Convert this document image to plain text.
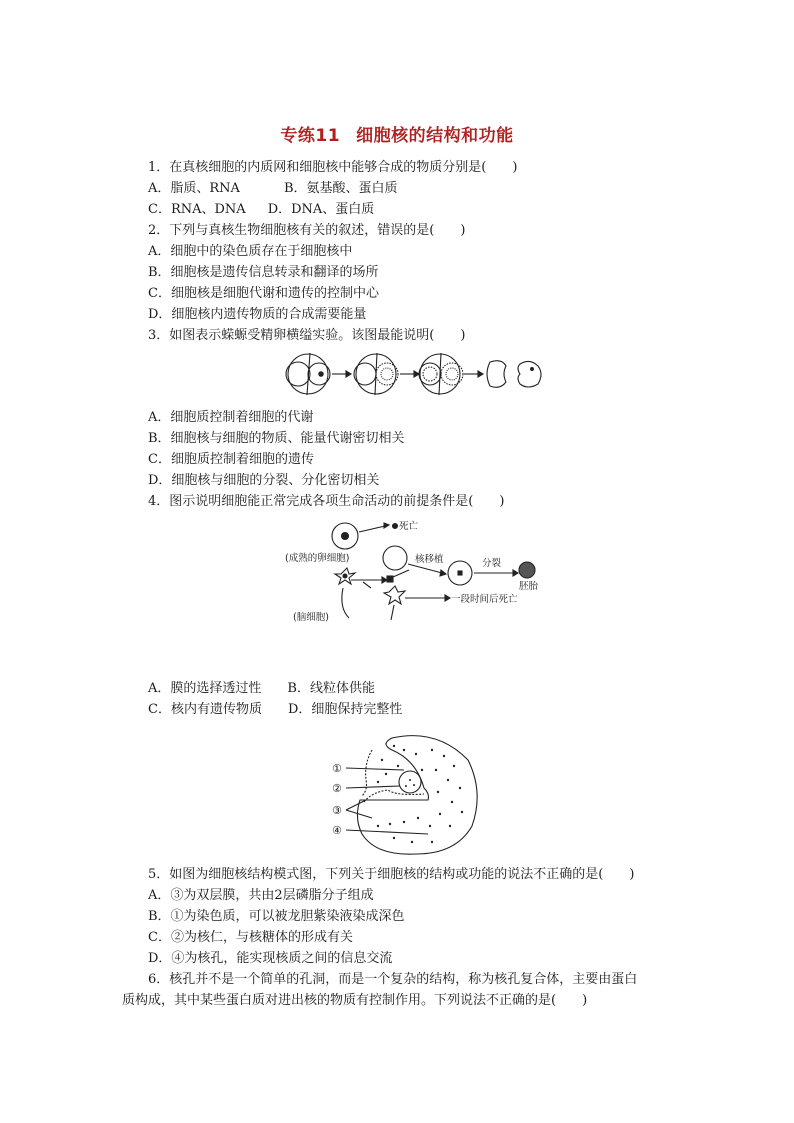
专练11 细胞核的结构和功能
1．在真核细胞的内质网和细胞核中能够合成的物质分别是(　　)
A．脂质、RNA	B．氨基酸、蛋白质
C．RNA、DNA D．DNA、蛋白质
2．下列与真核生物细胞核有关的叙述，错误的是(　　)
A．细胞中的染色质存在于细胞核中
B．细胞核是遗传信息转录和翻译的场所
C．细胞核是细胞代谢和遗传的控制中心
D．细胞核内遗传物质的合成需要能量
3．如图表示蝾螈受精卵横缢实验。该图最能说明(　　)
A．细胞质控制着细胞的代谢
B．细胞核与细胞的物质、能量代谢密切相关
C．细胞质控制着细胞的遗传
D．细胞核与细胞的分裂、分化密切相关
4．图示说明细胞能正常完成各项生命活动的前提条件是(　　)
死亡
(成熟的卵细胞)	核移植	分裂
胚胎
(脑细胞)
一段时间后死亡
A．膜的选择透过性 B．线粒体供能
C．核内有遗传物质 D．细胞保持完整性
①
②
③
④
5．如图为细胞核结构模式图，下列关于细胞核的结构或功能的说法不正确的是(　　)
A．③为双层膜，共由2层磷脂分子组成
B．①为染色质，可以被龙胆紫染液染成深色
C．②为核仁，与核糖体的形成有关
D．④为核孔，能实现核质之间的信息交流
6．核孔并不是一个简单的孔洞，而是一个复杂的结构，称为核孔复合体，主要由蛋白
质构成，其中某些蛋白质对进出核的物质有控制作用。下列说法不正确的是(　　)
